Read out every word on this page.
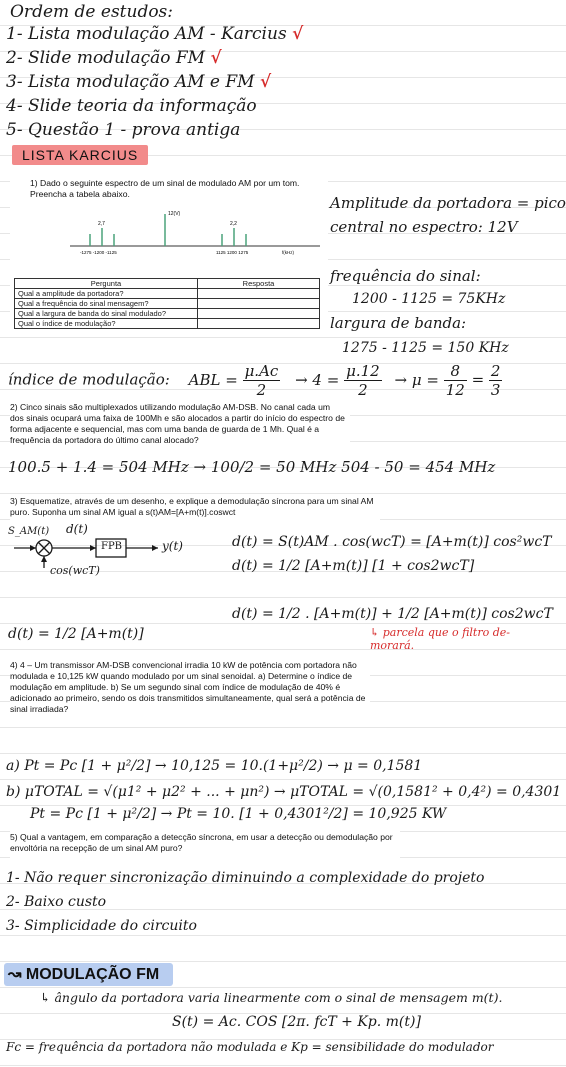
Ordem de estudos:
1- Lista modulação AM - Karcius √
2- Slide modulação FM √
3- Lista modulação AM e FM √
4- Slide teoria da informação
5- Questão 1 - prova antiga
LISTA KARCIUS
1) Dado o seguinte espectro de um sinal de modulado AM por um tom. Preencha a tabela abaixo.
12(V)
2,7	2,2
-1275 -1200 -1125	1125 1200 1275	f(kHz)
Pergunta	Resposta
Qual a amplitude da portadora?	
Qual a frequência do sinal mensagem?	
Qual a largura de banda do sinal modulado?	
Qual o índice de modulação?	
Amplitude da portadora = pico
central no espectro: 12V
frequência do sinal:
1200 - 1125 = 75KHz
largura de banda:
1275 - 1125 = 150 KHz
índice de modulação: ABL = $\frac{\mu.Ac}{2} \to 4 = \frac{\mu.12}{2} \to \mu = \frac{8}{12} = \frac{2}{3}$
2) Cinco sinais são multiplexados utilizando modulação AM-DSB. No canal cada um dos sinais ocupará uma faixa de 100Mh e são alocados a partir do início do espectro de forma adjacente e sequencial, mas com uma banda de guarda de 1 Mh. Qual é a frequência da portadora do último canal alocado?
100.5 + 1.4 = 504 MHz → 100/2 = 50 MHz 504 - 50 = 454 MHz
3) Esquematize, através de um desenho, e explique a demodulação síncrona para um sinal AM puro. Suponha um sinal AM igual a s(t)AM=[A+m(t)].coswct
S_AM(t) d(t)
FPB	y(t)
cos(wcT)
d(t) = S(t)AM . cos(wcT) = [A+m(t)] cos²wcT
d(t) = 1/2 [A+m(t)] [1 + cos2wcT]
d(t) = 1/2 . [A+m(t)] + 1/2 [A+m(t)] cos2wcT
d(t) = 1/2 [A+m(t)]	↳ parcela que o filtro de- morará.
4) 4 – Um transmissor AM-DSB convencional irradia 10 kW de potência com portadora não modulada e 10,125 kW quando modulado por um sinal senoidal. a) Determine o índice de modulação em amplitude. b) Se um segundo sinal com índice de modulação de 40% é adicionado ao primeiro, sendo os dois transmitidos simultaneamente, qual será a potência de sinal irradiada?
a) Pt = Pc [1 + μ²/2] → 10,125 = 10.(1+μ²/2) → μ = 0,1581
b) μTOTAL = √(μ1² + μ2² + ... + μn²) → μTOTAL = √(0,1581² + 0,4²) = 0,4301
Pt = Pc [1 + μ²/2] → Pt = 10. [1 + 0,4301²/2] = 10,925 KW
5) Qual a vantagem, em comparação a detecção síncrona, em usar a detecção ou demodulação por envoltória na recepção de um sinal AM puro?
1- Não requer sincronização diminuindo a complexidade do projeto
2- Baixo custo
3- Simplicidade do circuito
↝ MODULAÇÃO FM
↳ ângulo da portadora varia linearmente com o sinal de mensagem m(t).
S(t) = Ac. COS [2π. fcT + Kp. m(t)]
Fc = frequência da portadora não modulada e Kp = sensibilidade do modulador
